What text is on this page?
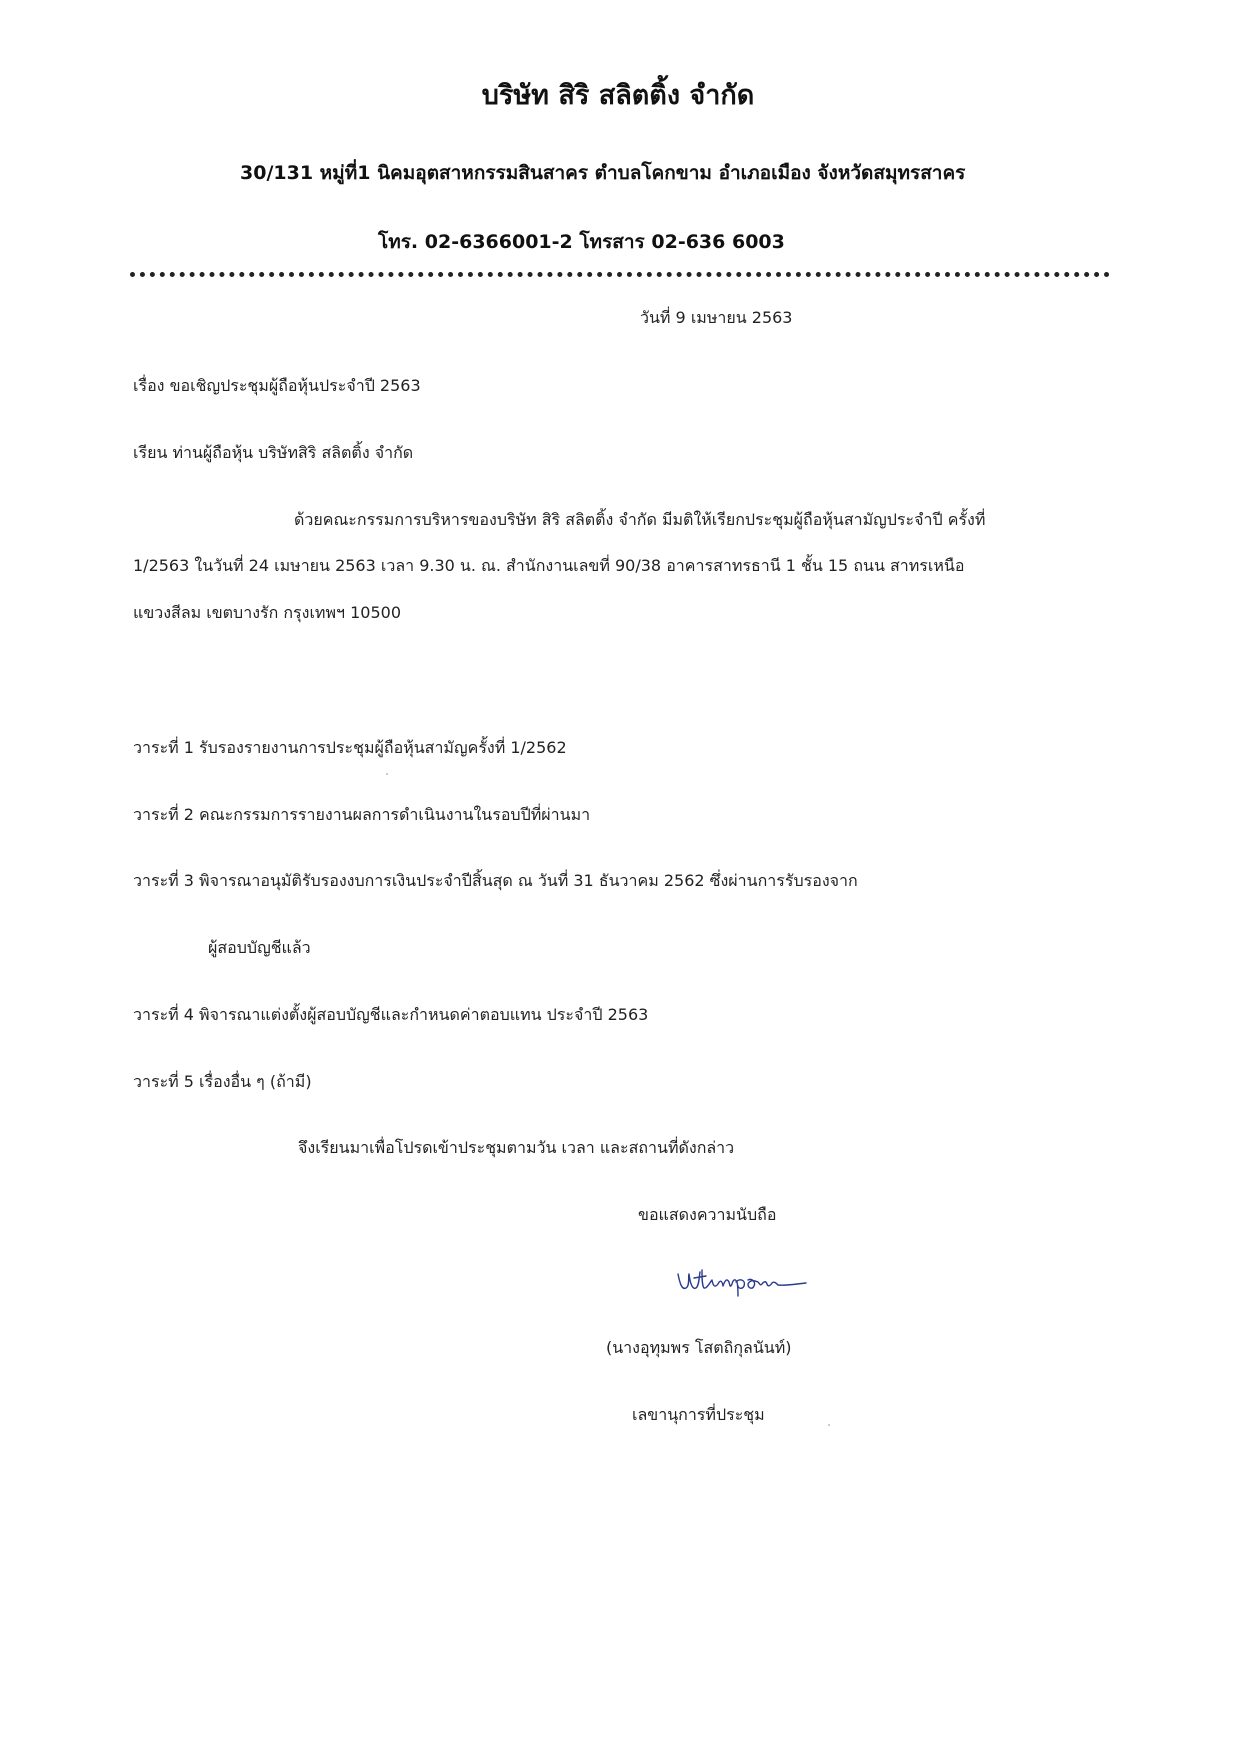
บริษัท สิริ สลิตติ้ง จำกัด
30/131 หมู่ที่1 นิคมอุตสาหกรรมสินสาคร ตำบลโคกขาม อำเภอเมือง จังหวัดสมุทรสาคร
โทร. 02-6366001-2 โทรสาร 02-636 6003
วันที่ 9 เมษายน 2563
เรื่อง ขอเชิญประชุมผู้ถือหุ้นประจำปี 2563
เรียน ท่านผู้ถือหุ้น บริษัทสิริ สลิตติ้ง จำกัด
ด้วยคณะกรรมการบริหารของบริษัท สิริ สลิตติ้ง จำกัด มีมติให้เรียกประชุมผู้ถือหุ้นสามัญประจำปี ครั้งที่
1/2563 ในวันที่ 24 เมษายน 2563 เวลา 9.30 น. ณ. สำนักงานเลขที่ 90/38 อาคารสาทรธานี 1 ชั้น 15 ถนน สาทรเหนือ
แขวงสีลม เขตบางรัก กรุงเทพฯ 10500
วาระที่ 1 รับรองรายงานการประชุมผู้ถือหุ้นสามัญครั้งที่ 1/2562
วาระที่ 2 คณะกรรมการรายงานผลการดำเนินงานในรอบปีที่ผ่านมา
วาระที่ 3 พิจารณาอนุมัติรับรองงบการเงินประจำปีสิ้นสุด ณ วันที่ 31 ธันวาคม 2562 ซึ่งผ่านการรับรองจาก
ผู้สอบบัญชีแล้ว
วาระที่ 4 พิจารณาแต่งตั้งผู้สอบบัญชีและกำหนดค่าตอบแทน ประจำปี 2563
วาระที่ 5 เรื่องอื่น ๆ (ถ้ามี)
จึงเรียนมาเพื่อโปรดเข้าประชุมตามวัน เวลา และสถานที่ดังกล่าว
ขอแสดงความนับถือ
(นางอุทุมพร โสตถิกุลนันท์)
เลขานุการที่ประชุม
